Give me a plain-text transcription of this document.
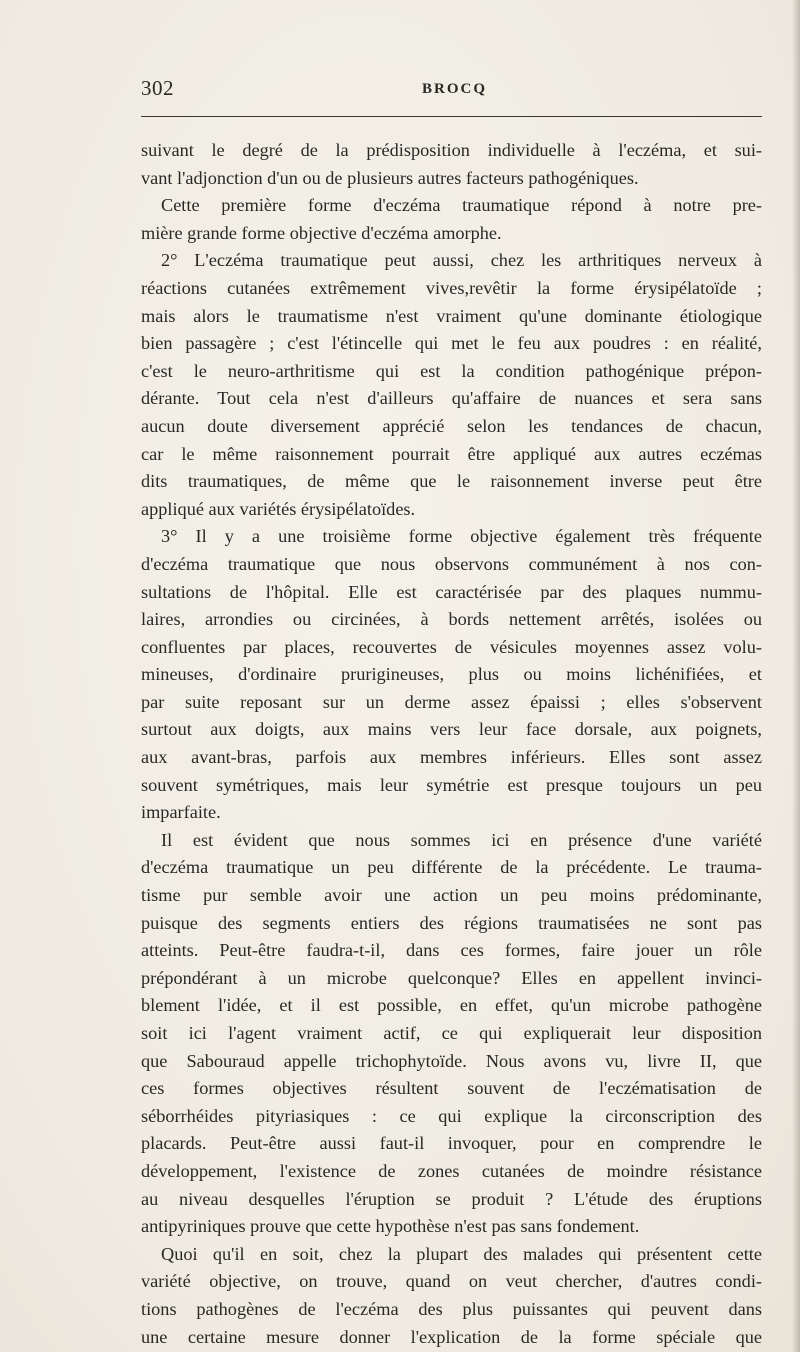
302	BROCQ
suivant le degré de la prédisposition individuelle à l'eczéma, et sui-
vant l'adjonction d'un ou de plusieurs autres facteurs pathogéniques.
Cette première forme d'eczéma traumatique répond à notre pre-
mière grande forme objective d'eczéma amorphe.
2° L'eczéma traumatique peut aussi, chez les arthritiques nerveux à
réactions cutanées extrêmement vives,revêtir la forme érysipélatoïde ;
mais alors le traumatisme n'est vraiment qu'une dominante étiologique
bien passagère ; c'est l'étincelle qui met le feu aux poudres : en réalité,
c'est le neuro-arthritisme qui est la condition pathogénique prépon-
dérante. Tout cela n'est d'ailleurs qu'affaire de nuances et sera sans
aucun doute diversement apprécié selon les tendances de chacun,
car le même raisonnement pourrait être appliqué aux autres eczémas
dits traumatiques, de même que le raisonnement inverse peut être
appliqué aux variétés érysipélatoïdes.
3° Il y a une troisième forme objective également très fréquente
d'eczéma traumatique que nous observons communément à nos con-
sultations de l'hôpital. Elle est caractérisée par des plaques nummu-
laires, arrondies ou circinées, à bords nettement arrêtés, isolées ou
confluentes par places, recouvertes de vésicules moyennes assez volu-
mineuses, d'ordinaire prurigineuses, plus ou moins lichénifiées, et
par suite reposant sur un derme assez épaissi ; elles s'observent
surtout aux doigts, aux mains vers leur face dorsale, aux poignets,
aux avant-bras, parfois aux membres inférieurs. Elles sont assez
souvent symétriques, mais leur symétrie est presque toujours un peu
imparfaite.
Il est évident que nous sommes ici en présence d'une variété
d'eczéma traumatique un peu différente de la précédente. Le trauma-
tisme pur semble avoir une action un peu moins prédominante,
puisque des segments entiers des régions traumatisées ne sont pas
atteints. Peut-être faudra-t-il, dans ces formes, faire jouer un rôle
prépondérant à un microbe quelconque? Elles en appellent invinci-
blement l'idée, et il est possible, en effet, qu'un microbe pathogène
soit ici l'agent vraiment actif, ce qui expliquerait leur disposition
que Sabouraud appelle trichophytoïde. Nous avons vu, livre II, que
ces formes objectives résultent souvent de l'eczématisation de
séborrhéides pityriasiques : ce qui explique la circonscription des
placards. Peut-être aussi faut-il invoquer, pour en comprendre le
développement, l'existence de zones cutanées de moindre résistance
au niveau desquelles l'éruption se produit ? L'étude des éruptions
antipyriniques prouve que cette hypothèse n'est pas sans fondement.
Quoi qu'il en soit, chez la plupart des malades qui présentent cette
variété objective, on trouve, quand on veut chercher, d'autres condi-
tions pathogènes de l'eczéma des plus puissantes qui peuvent dans
une certaine mesure donner l'explication de la forme spéciale que
